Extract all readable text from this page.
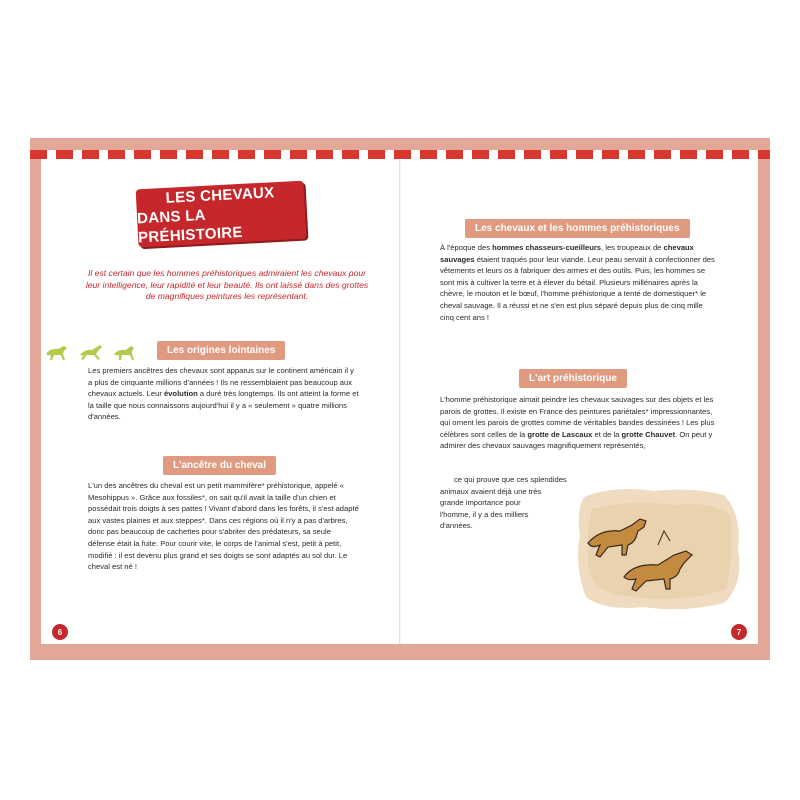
LES CHEVAUX
DANS LA PRÉHISTOIRE
Il est certain que les hommes préhistoriques admiraient les chevaux pour leur intelligence, leur rapidité et leur beauté. Ils ont laissé dans des grottes de magnifiques peintures les représentant.
Les origines lointaines
Les premiers ancêtres des chevaux sont apparus sur le continent américain il y a plus de cinquante millions d'années ! Ils ne ressemblaient pas beaucoup aux chevaux actuels. Leur évolution a duré très longtemps. Ils ont atteint la forme et la taille que nous connaissons aujourd'hui il y a « seulement » quatre millions d'années.
L'ancêtre du cheval
L'un des ancêtres du cheval est un petit mammifère* préhistorique, appelé « Mesohippus ». Grâce aux fossiles*, on sait qu'il avait la taille d'un chien et possédait trois doigts à ses pattes ! Vivant d'abord dans les forêts, il s'est adapté aux vastes plaines et aux steppes*. Dans ces régions où il n'y a pas d'arbres, donc pas beaucoup de cachettes pour s'abriter des prédateurs, sa seule défense était la fuite. Pour courir vite, le corps de l'animal s'est, petit à petit, modifié : il est devenu plus grand et ses doigts se sont adaptés au sol dur. Le cheval est né !
Les chevaux et les hommes préhistoriques
À l'époque des hommes chasseurs-cueilleurs, les troupeaux de chevaux sauvages étaient traqués pour leur viande. Leur peau servait à confectionner des vêtements et leurs os à fabriquer des armes et des outils. Puis, les hommes se sont mis à cultiver la terre et à élever du bétail. Plusieurs millénaires après la chèvre, le mouton et le bœuf, l'homme préhistorique a tenté de domestiquer* le cheval sauvage. Il a réussi et ne s'en est plus séparé depuis plus de cinq mille cinq cent ans !
L'art préhistorique
L'homme préhistorique aimait peindre les chevaux sauvages sur des objets et les parois de grottes. Il existe en France des peintures pariétales* impressionnantes, qui ornent les parois de grottes comme de véritables bandes dessinées ! Les plus célèbres sont celles de la grotte de Lascaux et de la grotte Chauvet. On peut y admirer des chevaux sauvages magnifiquement représentés,
ce qui prouve que ces splendides
animaux avaient déjà une très
grande importance pour
l'homme, il y a des milliers
d'années.
6	7
